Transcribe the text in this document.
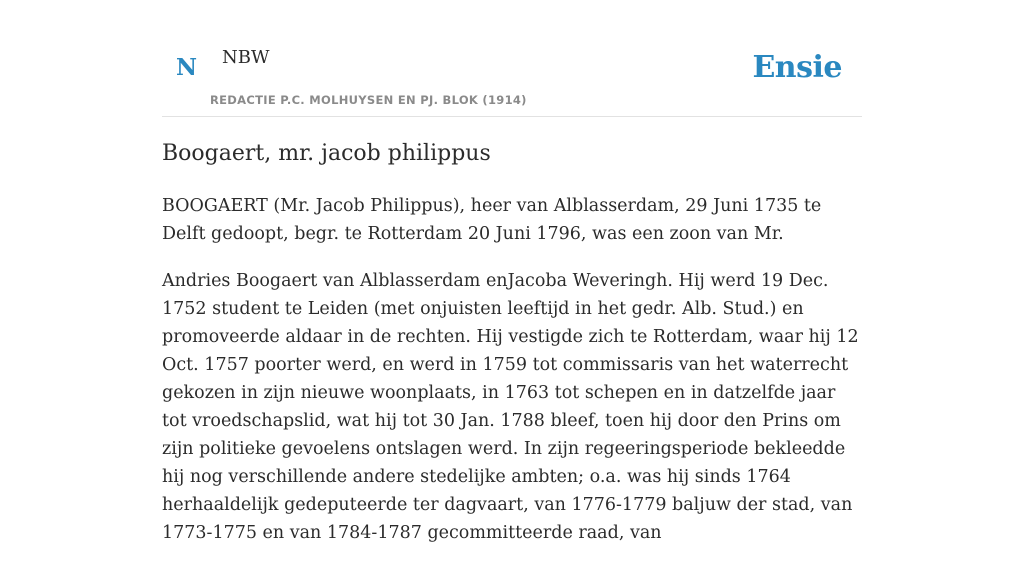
N NBW
REDACTIE P.C. MOLHUYSEN EN PJ. BLOK (1914)
Ensie
Boogaert, mr. jacob philippus

BOOGAERT (Mr. Jacob Philippus), heer van Alblasserdam, 29 Juni 1735 te Delft gedoopt, begr. te Rotterdam 20 Juni 1796, was een zoon van Mr.

Andries Boogaert van Alblasserdam enJacoba Weveringh. Hij werd 19 Dec. 1752 student te Leiden (met onjuisten leeftijd in het gedr. Alb. Stud.) en promoveerde aldaar in de rechten. Hij vestigde zich te Rotterdam, waar hij 12 Oct. 1757 poorter werd, en werd in 1759 tot commissaris van het waterrecht gekozen in zijn nieuwe woonplaats, in 1763 tot schepen en in datzelfde jaar tot vroedschapslid, wat hij tot 30 Jan. 1788 bleef, toen hij door den Prins om zijn politieke gevoelens ontslagen werd. In zijn regeeringsperiode bekleedde hij nog verschillende andere stedelijke ambten; o.a. was hij sinds 1764 herhaaldelijk gedeputeerde ter dagvaart, van 1776-1779 baljuw der stad, van 1773-1775 en van 1784-1787 gecommitteerde raad, van
